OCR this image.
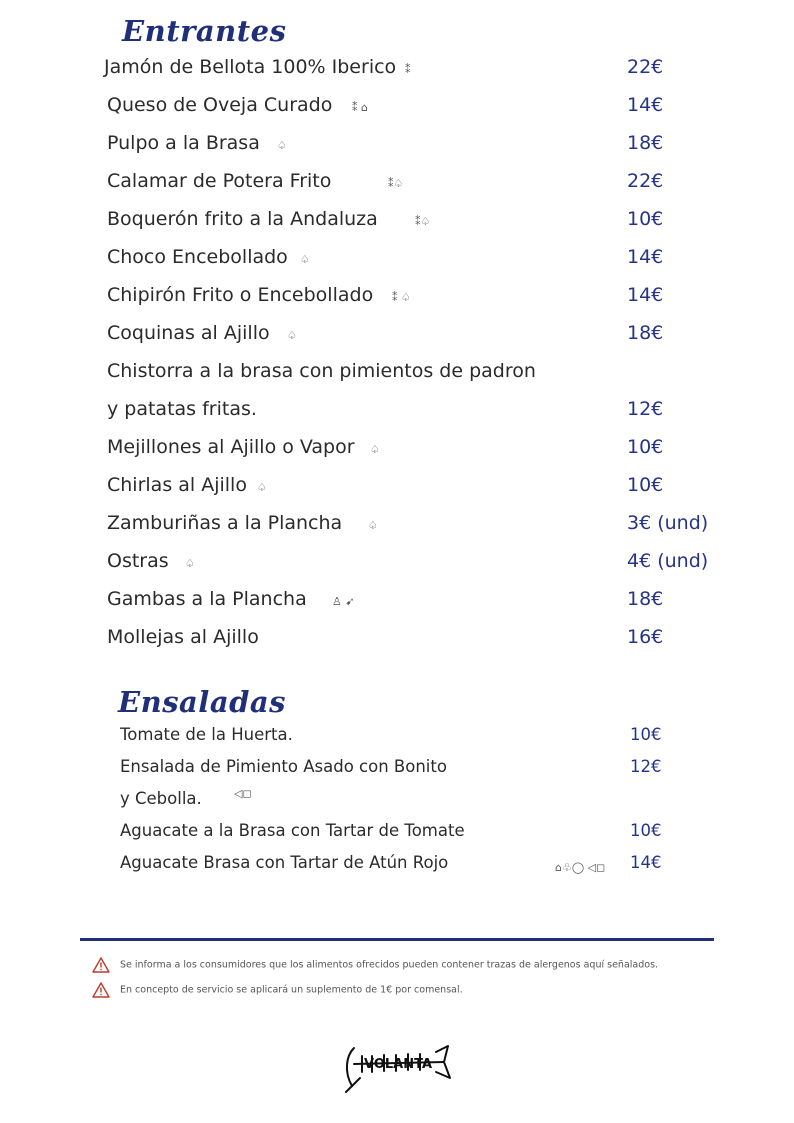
Entrantes
Jamón de Bellota 100% Iberico ⁑	22€
Queso de Oveja Curado ⁑ ⌂	14€
Pulpo a la Brasa ♤	18€
Calamar de Potera Frito	⁑♤	22€
Boquerón frito a la Andaluza	⁑♤	10€
Choco Encebollado ♤	14€
Chipirón Frito o Encebollado ⁑ ♤	14€
Coquinas al Ajillo ♤	18€
Chistorra a la brasa con pimientos de padron
y patatas fritas.	12€
Mejillones al Ajillo o Vapor ♤	10€
Chirlas al Ajillo ♤	10€
Zamburiñas a la Plancha ♤	3€ (und)
Ostras ♤	4€ (und)
Gambas a la Plancha ♙ ➹	18€
Mollejas al Ajillo	16€
Ensaladas
Tomate de la Huerta.	10€
Ensalada de Pimiento Asado con Bonito	12€
y Cebolla.	◁◻
Aguacate a la Brasa con Tartar de Tomate	10€
Aguacate Brasa con Tartar de Atún Rojo	⌂♧◯ ◁◻ 14€
Se informa a los consumidores que los alimentos ofrecidos pueden contener trazas de alergenos aquí señalados.
En concepto de servicio se aplicará un suplemento de 1€ por comensal.
VOLANTA
